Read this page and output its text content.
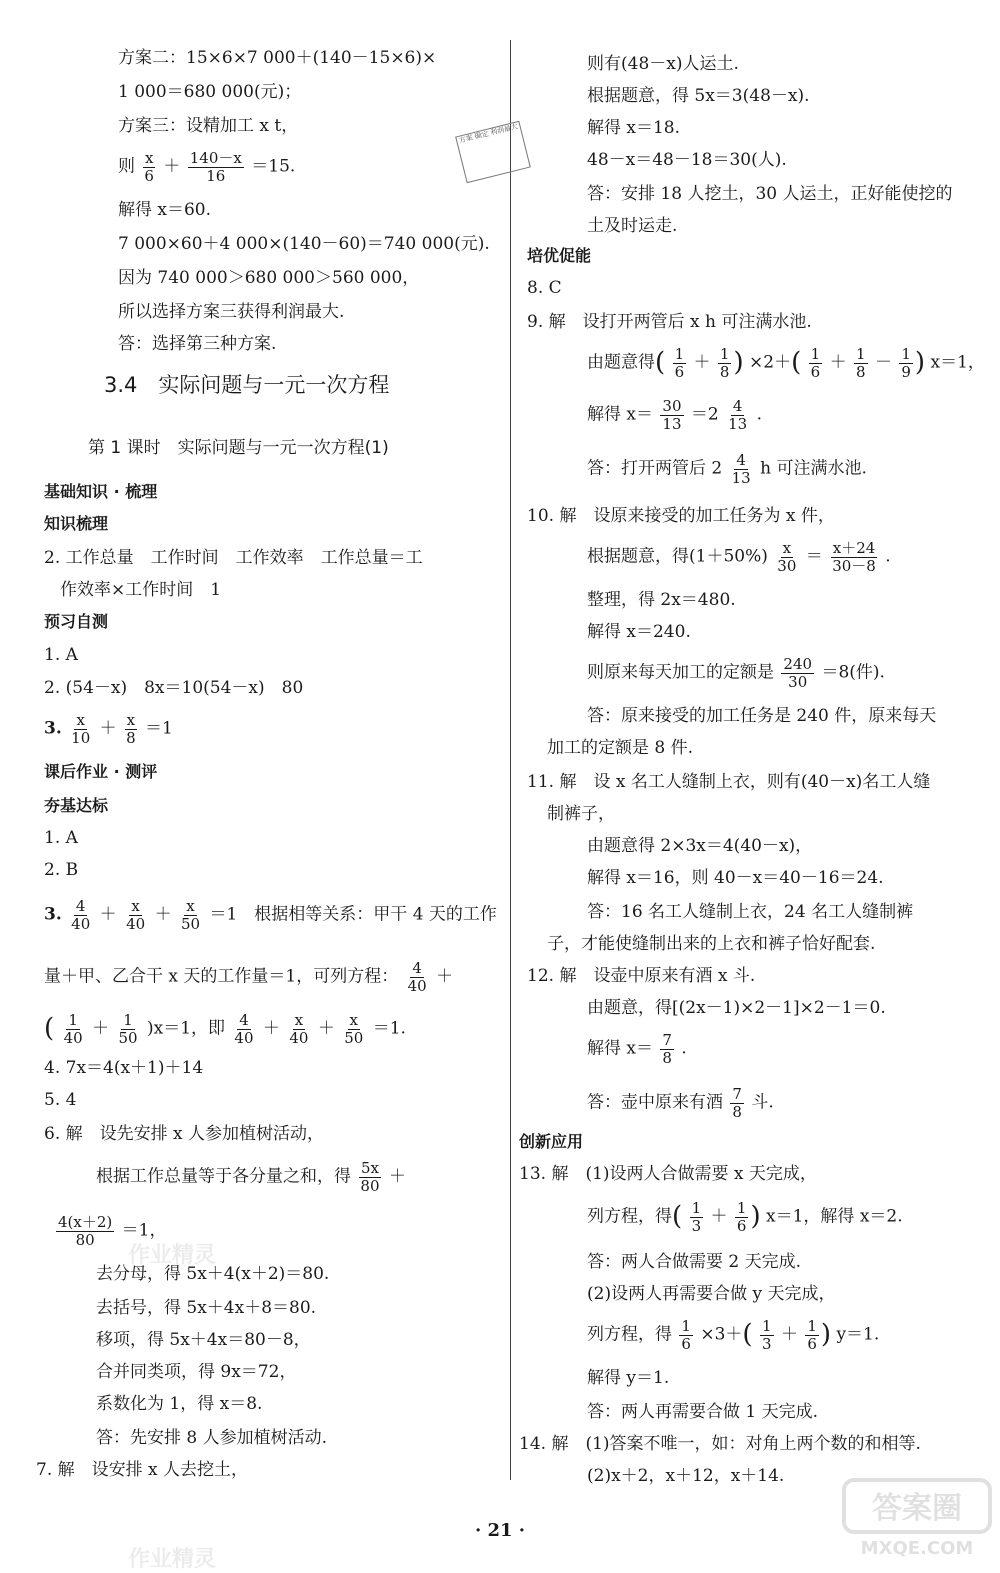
方案二：15×6×7 000＋(140－15×6)×
1 000＝680 000(元)；
方案三：设精加工 x t，
则 $\frac{x}{6} + \frac{140-x}{16} =15$.
解得 x＝60.
7 000×60＋4 000×(140－60)＝740 000(元).
因为 740 000＞680 000＞560 000，
所以选择方案三获得利润最大.
答：选择第三种方案.
3.4　实际问题与一元一次方程
第 1 课时　实际问题与一元一次方程(1)
基础知识 · 梳理
知识梳理
2. 工作总量　工作时间　工作效率　工作总量＝工
作效率×工作时间　1
预习自测
1. A
2. (54－x)　8x＝10(54－x)　80
3. $\frac{x}{10} + \frac{x}{8} =1$
课后作业 · 测评
夯基达标
1. A
2. B
3. $\frac{4}{40} + \frac{x}{40} + \frac{x}{50} =1$　根据相等关系：甲干 4 天的工作
量＋甲、乙合干 x 天的工作量＝1，可列方程： $\frac{4}{40}$ ＋
( $\frac{1}{40} + \frac{1}{50} )x=1$，即 $\frac{4}{40} + \frac{x}{40} + \frac{x}{50} =1$.
4. 7x＝4(x＋1)＋14
5. 4
6. 解　设先安排 x 人参加植树活动，
根据工作总量等于各分量之和，得 $\frac{5x}{80}$ ＋
$\frac{4(x+2)}{80} =1$，
去分母，得 5x＋4(x＋2)＝80.
去括号，得 5x＋4x＋8＝80.
移项，得 5x＋4x＝80－8，
合并同类项，得 9x＝72，
系数化为 1，得 x＝8.
答：先安排 8 人参加植树活动.
7. 解　设安排 x 人去挖土，
则有(48－x)人运土.
根据题意，得 5x＝3(48－x).
解得 x＝18.
48－x＝48－18＝30(人).
答：安排 18 人挖土，30 人运土，正好能使挖的
土及时运走.
培优促能
8. C
9. 解　设打开两管后 x h 可注满水池.
由题意得( $\frac{1}{6} + \frac{1}{8}$ ) $\times 2+( \frac{1}{6} + \frac{1}{8} - \frac{1}{9}$ ) x＝1，
解得 $x= \frac{30}{13} =2 \frac{4}{13}$ .
答：打开两管后 $2 \frac{4}{13}$ h 可注满水池.
10. 解　设原来接受的加工任务为 x 件，
根据题意，得$(1+50\%) \frac{x}{30} = \frac{x+24}{30-8}$ .
整理，得 2x＝480.
解得 x＝240.
则原来每天加工的定额是 $\frac{240}{30} =8$(件).
答：原来接受的加工任务是 240 件，原来每天
加工的定额是 8 件.
11. 解　设 x 名工人缝制上衣，则有(40－x)名工人缝
制裤子，
由题意得 2×3x＝4(40－x)，
解得 x＝16，则 40－x＝40－16＝24.
答：16 名工人缝制上衣，24 名工人缝制裤
子，才能使缝制出来的上衣和裤子恰好配套.
12. 解　设壶中原来有酒 x 斗.
由题意，得[(2x－1)×2－1]×2－1＝0.
解得 $x= \frac{7}{8}$ .
答：壶中原来有酒 $\frac{7}{8}$ 斗.
创新应用
13. 解　(1)设两人合做需要 x 天完成，
列方程，得( $\frac{1}{3} + \frac{1}{6}$ ) x＝1，解得 x＝2.
答：两人合做需要 2 天完成.
(2)设两人再需要合做 y 天完成，
列方程，得 $\frac{1}{6} \times 3+( \frac{1}{3} + \frac{1}{6}$ ) y＝1.
解得 y＝1.
答：两人再需要合做 1 天完成.
14. 解　(1)答案不唯一，如：对角上两个数的和相等.
(2)x＋2，x＋12，x＋14.
方案 确定 利润最大
作业精灵
作业精灵
· 21 ·
答案圈
MXQE.COM
